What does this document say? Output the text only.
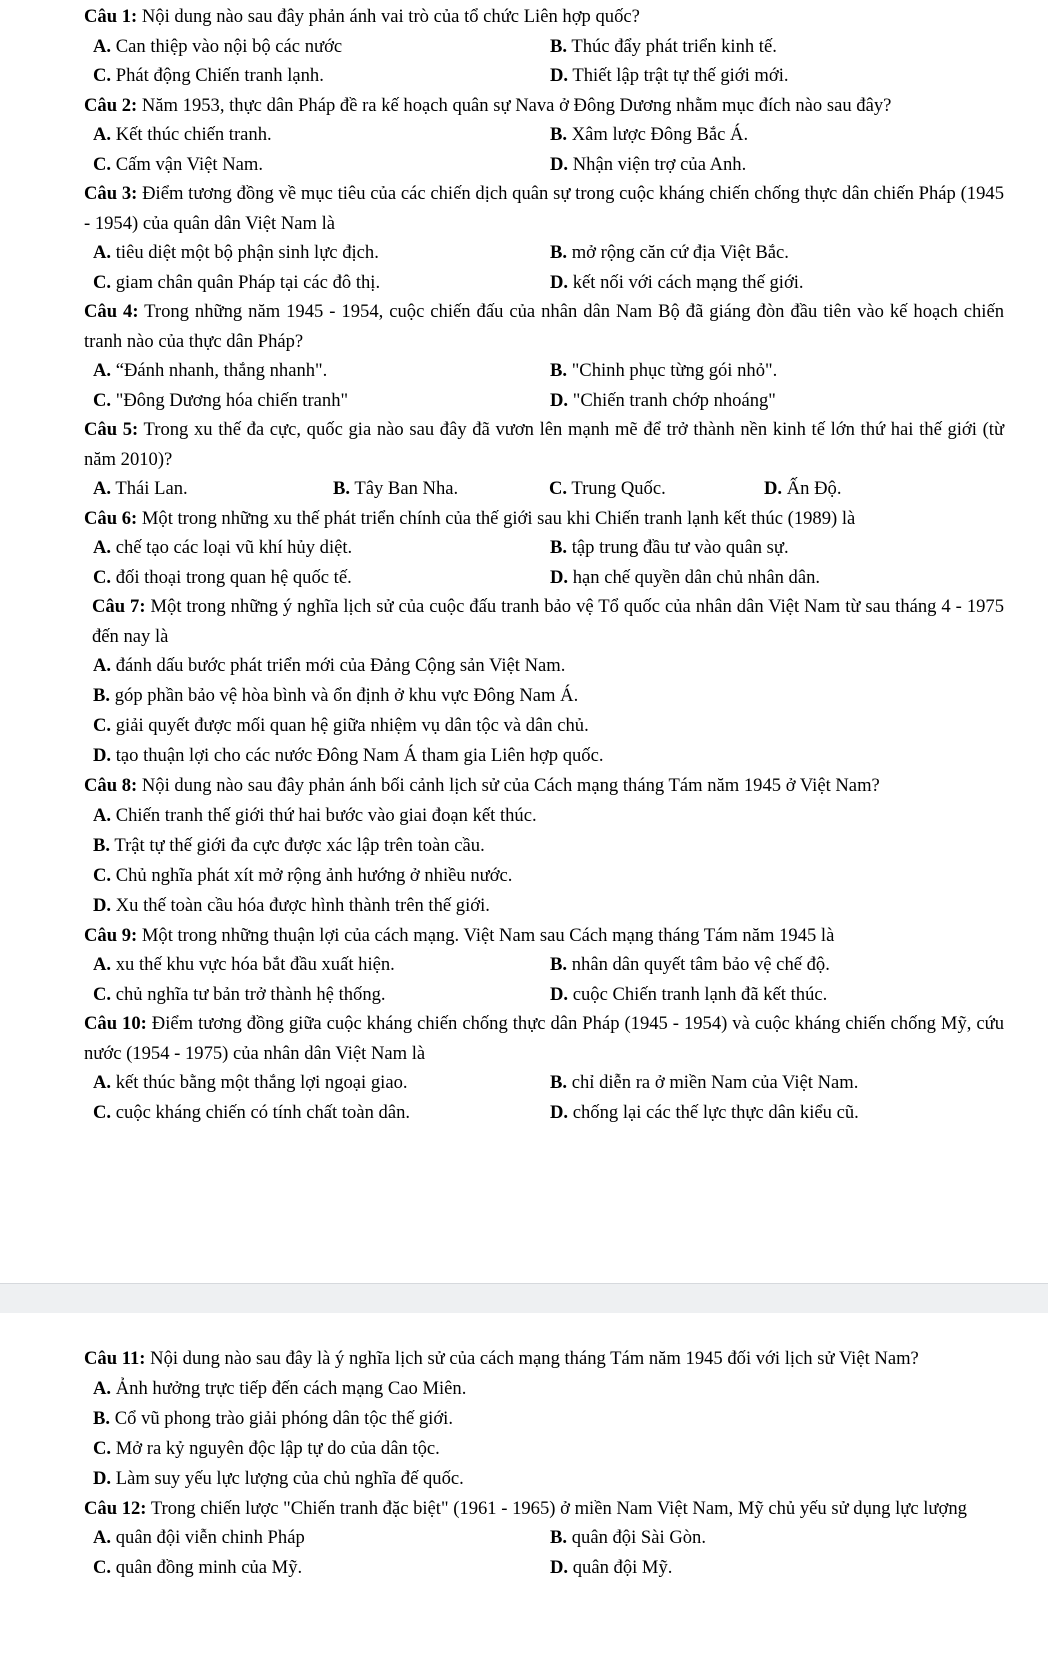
Câu 1: Nội dung nào sau đây phản ánh vai trò của tổ chức Liên hợp quốc?
A. Can thiệp vào nội bộ các nước	B. Thúc đẩy phát triển kinh tế.
C. Phát động Chiến tranh lạnh.	D. Thiết lập trật tự thế giới mới.
Câu 2: Năm 1953, thực dân Pháp đề ra kế hoạch quân sự Nava ở Đông Dương nhằm mục đích nào sau đây?
A. Kết thúc chiến tranh.	B. Xâm lược Đông Bắc Á.
C. Cấm vận Việt Nam.	D. Nhận viện trợ của Anh.
Câu 3: Điểm tương đồng về mục tiêu của các chiến dịch quân sự trong cuộc kháng chiến chống thực dân chiến Pháp (1945 - 1954) của quân dân Việt Nam là
A. tiêu diệt một bộ phận sinh lực địch.	B. mở rộng căn cứ địa Việt Bắc.
C. giam chân quân Pháp tại các đô thị.	D. kết nối với cách mạng thế giới.
Câu 4: Trong những năm 1945 - 1954, cuộc chiến đấu của nhân dân Nam Bộ đã giáng đòn đầu tiên vào kế hoạch chiến tranh nào của thực dân Pháp?
A. “Đánh nhanh, thắng nhanh".	B. "Chinh phục từng gói nhỏ".
C. "Đông Dương hóa chiến tranh"	D. "Chiến tranh chớp nhoáng"
Câu 5: Trong xu thế đa cực, quốc gia nào sau đây đã vươn lên mạnh mẽ để trở thành nền kinh tế lớn thứ hai thế giới (từ năm 2010)?
A. Thái Lan.	B. Tây Ban Nha.	C. Trung Quốc.	D. Ấn Độ.
Câu 6: Một trong những xu thế phát triển chính của thế giới sau khi Chiến tranh lạnh kết thúc (1989) là
A. chế tạo các loại vũ khí hủy diệt.	B. tập trung đầu tư vào quân sự.
C. đối thoại trong quan hệ quốc tế.	D. hạn chế quyền dân chủ nhân dân.
Câu 7: Một trong những ý nghĩa lịch sử của cuộc đấu tranh bảo vệ Tổ quốc của nhân dân Việt Nam từ sau tháng 4 - 1975 đến nay là
A. đánh dấu bước phát triển mới của Đảng Cộng sản Việt Nam.
B. góp phần bảo vệ hòa bình và ổn định ở khu vực Đông Nam Á.
C. giải quyết được mối quan hệ giữa nhiệm vụ dân tộc và dân chủ.
D. tạo thuận lợi cho các nước Đông Nam Á tham gia Liên hợp quốc.
Câu 8: Nội dung nào sau đây phản ánh bối cảnh lịch sử của Cách mạng tháng Tám năm 1945 ở Việt Nam?
A. Chiến tranh thế giới thứ hai bước vào giai đoạn kết thúc.
B. Trật tự thế giới đa cực được xác lập trên toàn cầu.
C. Chủ nghĩa phát xít mở rộng ảnh hướng ở nhiều nước.
D. Xu thế toàn cầu hóa được hình thành trên thế giới.
Câu 9: Một trong những thuận lợi của cách mạng. Việt Nam sau Cách mạng tháng Tám năm 1945 là
A. xu thế khu vực hóa bắt đầu xuất hiện.	B. nhân dân quyết tâm bảo vệ chế độ.
C. chủ nghĩa tư bản trở thành hệ thống.	D. cuộc Chiến tranh lạnh đã kết thúc.
Câu 10: Điểm tương đồng giữa cuộc kháng chiến chống thực dân Pháp (1945 - 1954) và cuộc kháng chiến chống Mỹ, cứu nước (1954 - 1975) của nhân dân Việt Nam là
A. kết thúc bằng một thắng lợi ngoại giao.	B. chỉ diễn ra ở miền Nam của Việt Nam.
C. cuộc kháng chiến có tính chất toàn dân.	D. chống lại các thế lực thực dân kiểu cũ.
Câu 11: Nội dung nào sau đây là ý nghĩa lịch sử của cách mạng tháng Tám năm 1945 đối với lịch sử Việt Nam?
A. Ảnh hưởng trực tiếp đến cách mạng Cao Miên.
B. Cổ vũ phong trào giải phóng dân tộc thế giới.
C. Mở ra kỷ nguyên độc lập tự do của dân tộc.
D. Làm suy yếu lực lượng của chủ nghĩa đế quốc.
Câu 12: Trong chiến lược "Chiến tranh đặc biệt" (1961 - 1965) ở miền Nam Việt Nam, Mỹ chủ yếu sử dụng lực lượng
A. quân đội viễn chinh Pháp	B. quân đội Sài Gòn.
C. quân đồng minh của Mỹ.	D. quân đội Mỹ.
